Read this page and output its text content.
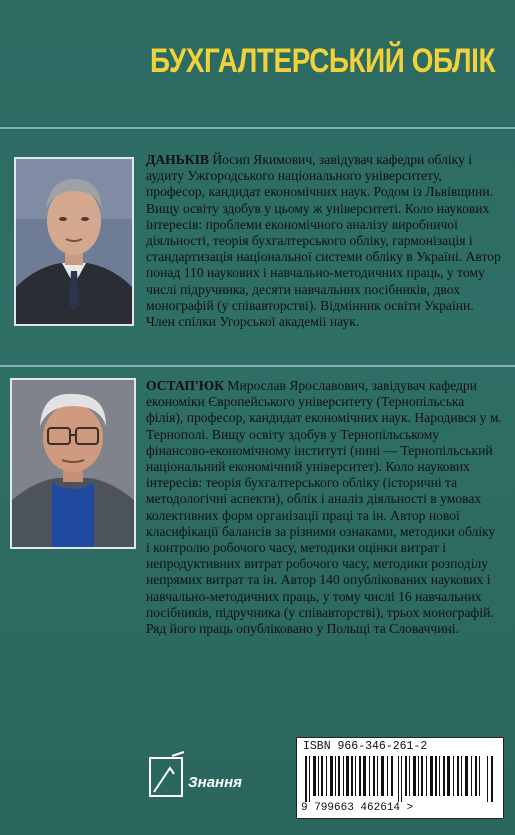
БУХГАЛТЕРСЬКИЙ ОБЛІК
ДАНЬКІВ Йосип Якимович, завідувач кафедри обліку і аудиту Ужгородського національного університету, професор, кандидат економічних наук. Родом із Львівщини. Вищу освіту здобув у цьому ж університеті. Коло наукових інтересів: проблеми економічного аналізу виробничої діяльності, теорія бухгалтерського обліку, гармонізація і стандартизація національної системи обліку в Україні. Автор понад 110 наукових і навчально-методичних праць, у тому числі підручника, десяти навчальних посібників, двох монографій (у співавторстві). Відмінник освіти України. Член спілки Угорської академії наук.
ОСТАП'ЮК Мирослав Ярославович, завідувач кафедри економіки Європейського університету (Тернопільська філія), професор, кандидат економічних наук. Народився у м. Тернополі. Вищу освіту здобув у Тернопільському фінансово-економічному інституті (нині — Тернопільський національний економічний університет). Коло наукових інтересів: теорія бухгалтерського обліку (історичні та методологічні аспекти), облік і аналіз діяльності в умовах колективних форм організації праці та ін. Автор нової класифікації балансів за різними ознаками, методики обліку і контролю робочого часу, методики оцінки витрат і непродуктивних витрат робочого часу, методики розподілу непрямих витрат та ін. Автор 140 опублікованих наукових і навчально-методичних праць, у тому числі 16 навчальних посібників, підручника (у співавторстві), трьох монографій. Ряд його праць опубліковано у Польщі та Словаччині.
Знання
ISBN 966-346-261-2
9 799663 462614 >
